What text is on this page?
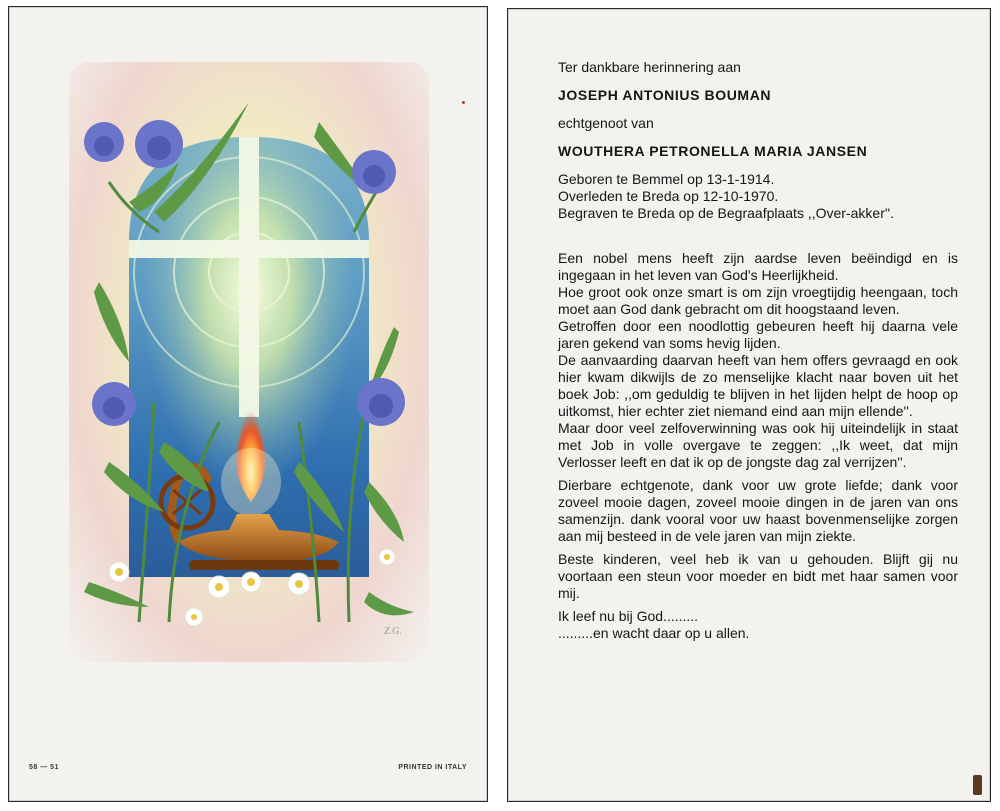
Z.G.
58 — 51	PRINTED IN ITALY

Ter dankbare herinnering aan

JOSEPH ANTONIUS BOUMAN

echtgenoot van

WOUTHERA PETRONELLA MARIA JANSEN

Geboren te Bemmel op 13-1-1914.

Overleden te Breda op 12-10-1970.

Begraven te Breda op de Begraafplaats ,,Over-akker''.

Een nobel mens heeft zijn aardse leven beëindigd en is ingegaan in het leven van God's Heerlijkheid.

Hoe groot ook onze smart is om zijn vroegtijdig heengaan, toch moet aan God dank gebracht om dit hoogstaand leven.

Getroffen door een noodlottig gebeuren heeft hij daarna vele jaren gekend van soms hevig lijden.

De aanvaarding daarvan heeft van hem offers gevraagd en ook hier kwam dikwijls de zo menselijke klacht naar boven uit het boek Job: ,,om geduldig te blijven in het lijden helpt de hoop op uitkomst, hier echter ziet niemand eind aan mijn ellende''.

Maar door veel zelfoverwinning was ook hij uiteindelijk in staat met Job in volle overgave te zeggen: ,,Ik weet, dat mijn Verlosser leeft en dat ik op de jongste dag zal verrijzen''.

Dierbare echtgenote, dank voor uw grote liefde; dank voor zoveel mooie dagen, zoveel mooie dingen in de jaren van ons samenzijn. dank vooral voor uw haast bovenmenselijke zorgen aan mij besteed in de vele jaren van mijn ziekte.

Beste kinderen, veel heb ik van u gehouden. Blijft gij nu voortaan een steun voor moeder en bidt met haar samen voor mij.

Ik leef nu bij God.........

.........en wacht daar op u allen.
